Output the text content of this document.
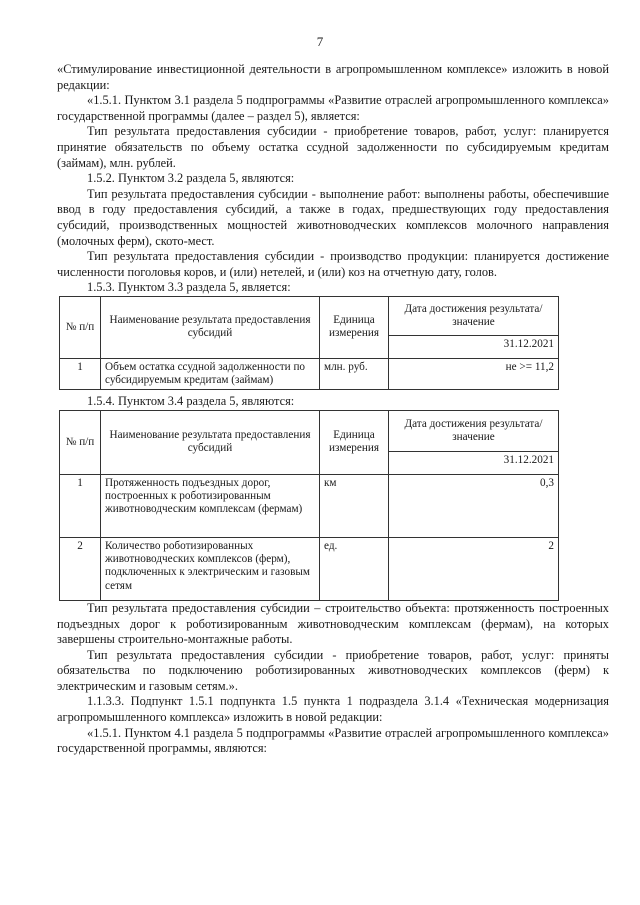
7

«Стимулирование инвестиционной деятельности в агропромышленном комплексе» изложить в новой редакции:

«1.5.1. Пунктом 3.1 раздела 5 подпрограммы «Развитие отраслей агропромышленного комплекса» государственной программы (далее – раздел 5), является:

Тип результата предоставления субсидии - приобретение товаров, работ, услуг: планируется принятие обязательств по объему остатка ссудной задолженности по субсидируемым кредитам (займам), млн. рублей.

1.5.2. Пунктом 3.2 раздела 5, являются:

Тип результата предоставления субсидии - выполнение работ: выполнены работы, обеспечившие ввод в году предоставления субсидий, а также в годах, предшествующих году предоставления субсидий, производственных мощностей животноводческих комплексов молочного направления (молочных ферм), ското-мест.

Тип результата предоставления субсидии - производство продукции: планируется достижение численности поголовья коров, и (или) нетелей, и (или) коз на отчетную дату, голов.

1.5.3. Пунктом 3.3 раздела 5, является:

№ п/п	Наименование результата предоставления субсидий	Единица измерения	Дата достижения результата/значение
			31.12.2021
1	Объем остатка ссудной задолженности по субсидируемым кредитам (займам)	млн. руб.	не >= 11,2

1.5.4. Пунктом 3.4 раздела 5, являются:

№ п/п	Наименование результата предоставления субсидий	Единица измерения	Дата достижения результата/значение
			31.12.2021
1	Протяженность подъездных дорог, построенных к роботизированным животноводческим комплексам (фермам)	км	0,3
2	Количество роботизированных животноводческих комплексов (ферм), подключенных к электрическим и газовым сетям	ед.	2

Тип результата предоставления субсидии – строительство объекта: протяженность построенных подъездных дорог к роботизированным животноводческим комплексам (фермам), на которых завершены строительно-монтажные работы.

Тип результата предоставления субсидии - приобретение товаров, работ, услуг: приняты обязательства по подключению роботизированных животноводческих комплексов (ферм) к электрическим и газовым сетям.».

1.1.3.3. Подпункт 1.5.1 подпункта 1.5 пункта 1 подраздела 3.1.4 «Техническая модернизация агропромышленного комплекса» изложить в новой редакции:

«1.5.1. Пунктом 4.1 раздела 5 подпрограммы «Развитие отраслей агропромышленного комплекса» государственной программы, являются:
